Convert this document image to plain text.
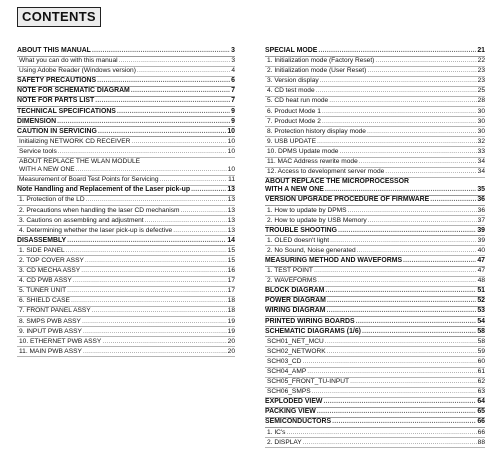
CONTENTS
ABOUT THIS MANUAL .....	3
What you can do with this manual .....	3
Using Adobe Reader (Windows version) .....	4
SAFETY PRECAUTIONS .....	6
NOTE FOR SCHEMATIC DIAGRAM .....	7
NOTE FOR PARTS LIST .....	7
TECHNICAL SPECIFICATIONS .....	9
DIMENSION .....	9
CAUTION IN SERVICING .....	10
Initializing NETWORK CD RECEIVER .....	10
Service tools .....	10
ABOUT REPLACE THE WLAN MODULE
WITH A NEW ONE .....	10
Measurement of Board Test Points for Servicing .....	11
Note Handling and Replacement of the Laser pick-up .....	13
1. Protection of the LD .....	13
2. Precautions when handling the laser CD mechanism .....	13
3. Cautions on assembling and adjustment .....	13
4. Determining whether the laser pick-up is defective .....	13
DISASSEMBLY .....	14
1. SIDE PANEL .....	15
2. TOP COVER ASSY .....	15
3. CD MECHA ASSY .....	16
4. CD PWB ASSY .....	17
5. TUNER UNIT .....	17
6. SHIELD CASE .....	18
7. FRONT PANEL ASSY .....	18
8. SMPS PWB ASSY .....	19
9. INPUT PWB ASSY .....	19
10. ETHERNET PWB ASSY .....	20
11. MAIN PWB ASSY .....	20
SPECIAL MODE .....	21
1. Initialization mode (Factory Reset) .....	22
2. Initialization mode (User Reset) .....	23
3. Version display .....	23
4. CD test mode .....	25
5. CD heat run mode .....	28
6. Product Mode 1 .....	30
7. Product Mode 2 .....	30
8. Protection history display mode .....	30
9. USB UPDATE .....	32
10. DPMS Update mode .....	33
11. MAC Address rewrite mode .....	34
12. Access to development server mode .....	34
ABOUT REPLACE THE MICROPROCESSOR
WITH A NEW ONE .....	35
VERSION UPGRADE PROCEDURE OF FIRMWARE .....	36
1. How to update by DPMS .....	36
2. How to update by USB Memory .....	37
TROUBLE SHOOTING .....	39
1. OLED doesn't light .....	39
2. No Sound, Noise generated .....	40
MEASURING METHOD AND WAVEFORMS .....	47
1. TEST POINT .....	47
2. WAVEFORMS .....	48
BLOCK DIAGRAM .....	51
POWER DIAGRAM .....	52
WIRING DIAGRAM .....	53
PRINTED WIRING BOARDS .....	54
SCHEMATIC DIAGRAMS (1/6) .....	58
SCH01_NET_MCU .....	58
SCH02_NETWORK .....	59
SCH03_CD .....	60
SCH04_AMP .....	61
SCH05_FRONT_TU-INPUT .....	62
SCH06_SMPS .....	63
EXPLODED VIEW .....	64
PACKING VIEW .....	65
SEMICONDUCTORS .....	66
1. IC's .....	66
2. DISPLAY .....	88
